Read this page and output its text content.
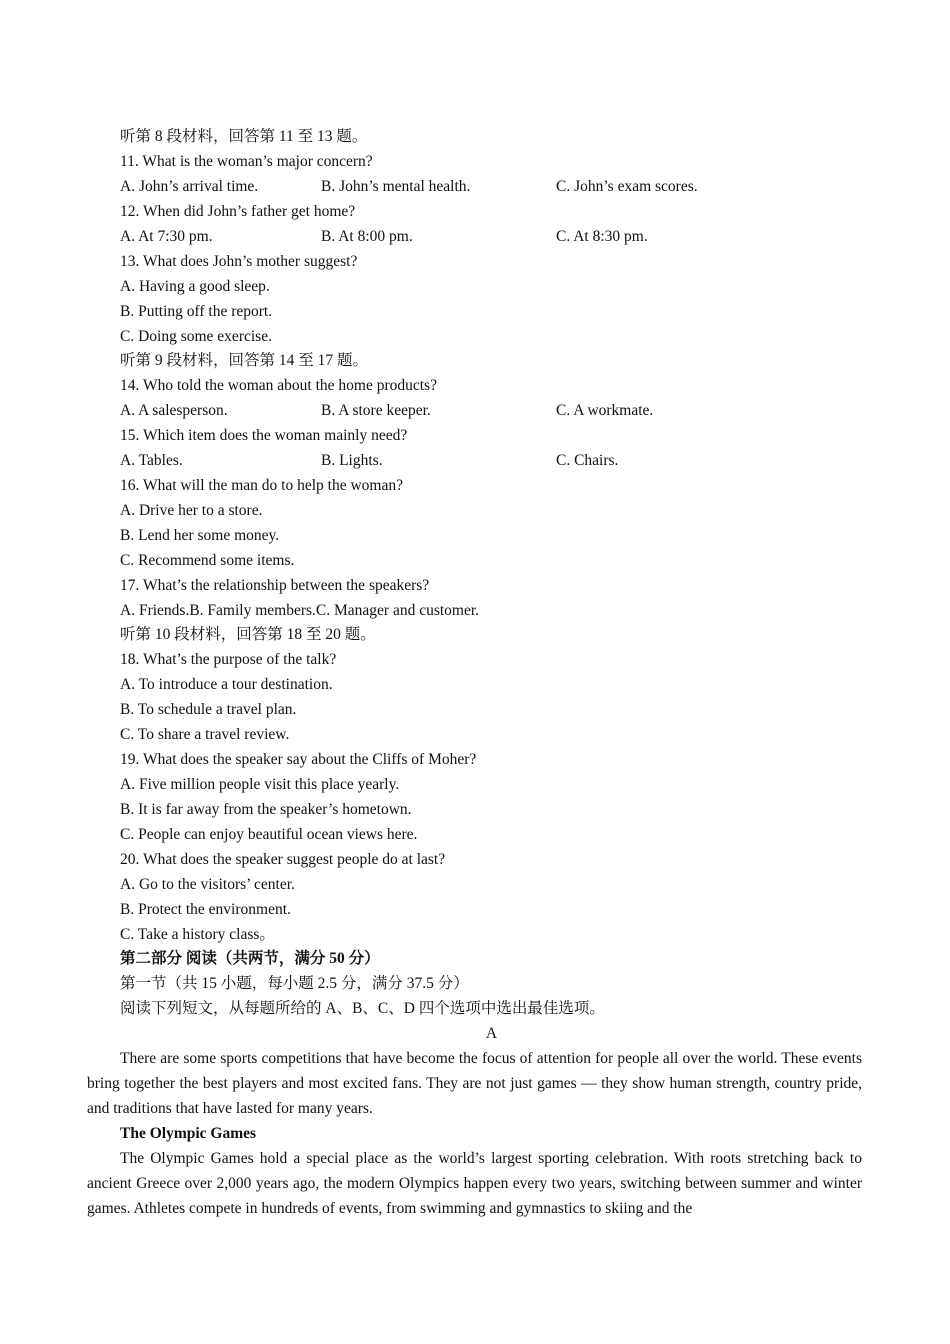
听第 8 段材料，回答第 11 至 13 题。
11. What is the woman’s major concern?
A. John’s arrival time.	B. John’s mental health.	C. John’s exam scores.
12. When did John’s father get home?
A. At 7:30 pm.	B. At 8:00 pm.	C. At 8:30 pm.
13. What does John’s mother suggest?
A. Having a good sleep.
B. Putting off the report.
C. Doing some exercise.
听第 9 段材料，回答第 14 至 17 题。
14. Who told the woman about the home products?
A. A salesperson.	B. A store keeper.	C. A workmate.
15. Which item does the woman mainly need?
A. Tables.	B. Lights.	C. Chairs.
16. What will the man do to help the woman?
A. Drive her to a store.
B. Lend her some money.
C. Recommend some items.
17. What’s the relationship between the speakers?
A. Friends.B. Family members.C. Manager and customer.
听第 10 段材料，回答第 18 至 20 题。
18. What’s the purpose of the talk?
A. To introduce a tour destination.
B. To schedule a travel plan.
C. To share a travel review.
19. What does the speaker say about the Cliffs of Moher?
A. Five million people visit this place yearly.
B. It is far away from the speaker’s hometown.
C. People can enjoy beautiful ocean views here.
20. What does the speaker suggest people do at last?
A. Go to the visitors’ center.
B. Protect the environment.
C. Take a history class。
第二部分 阅读（共两节，满分 50 分）
第一节（共 15 小题，每小题 2.5 分，满分 37.5 分）
阅读下列短文，从每题所给的 A、B、C、D 四个选项中选出最佳选项。
A

There are some sports competitions that have become the focus of attention for people all over the world. These events bring together the best players and most excited fans. They are not just games — they show human strength, country pride, and traditions that have lasted for many years.

The Olympic Games

The Olympic Games hold a special place as the world’s largest sporting celebration. With roots stretching back to ancient Greece over 2,000 years ago, the modern Olympics happen every two years, switching between summer and winter games. Athletes compete in hundreds of events, from swimming and gymnastics to skiing and the
